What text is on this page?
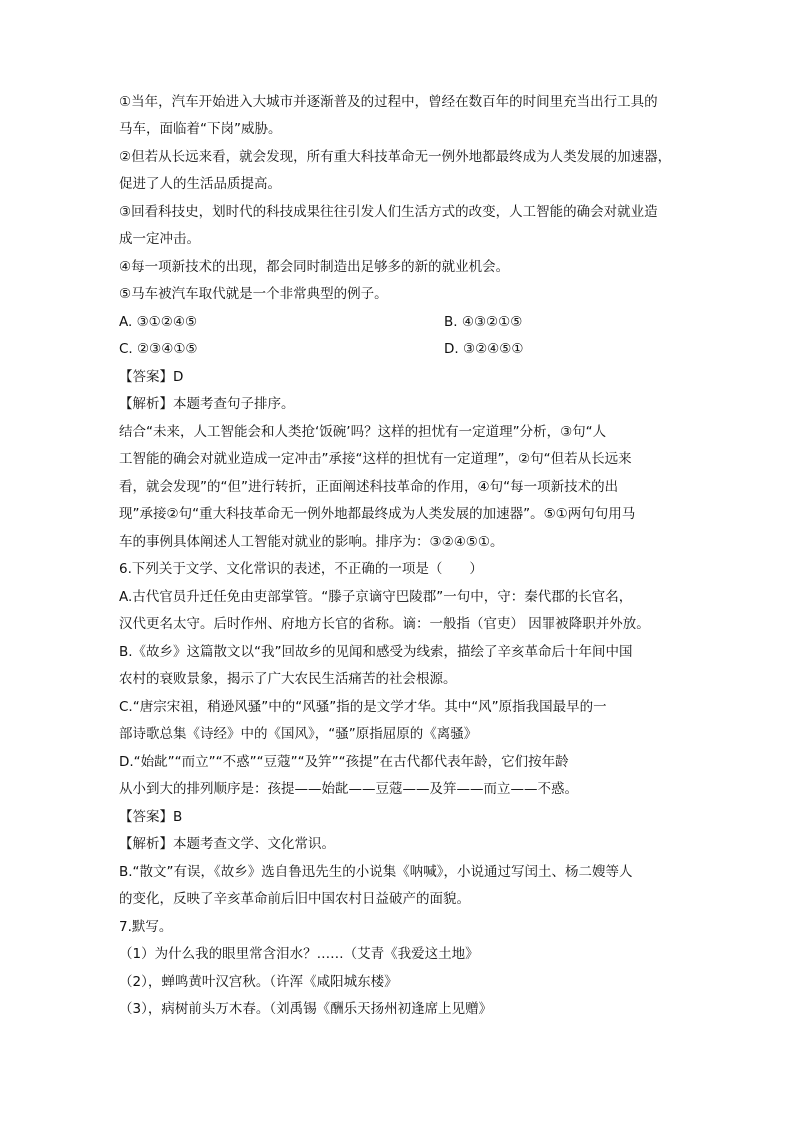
①当年，汽车开始进入大城市并逐渐普及的过程中，曾经在数百年的时间里充当出行工具的
马车，面临着“下岗”威胁。
②但若从长远来看，就会发现，所有重大科技革命无一例外地都最终成为人类发展的加速器，
促进了人的生活品质提高。
③回看科技史，划时代的科技成果往往引发人们生活方式的改变，人工智能的确会对就业造
成一定冲击。
④每一项新技术的出现，都会同时制造出足够多的新的就业机会。
⑤马车被汽车取代就是一个非常典型的例子。
A. ③①②④⑤	B. ④③②①⑤
C. ②③④①⑤	D. ③②④⑤①
【答案】D
【解析】本题考查句子排序。
结合“未来，人工智能会和人类抢‘饭碗’吗？这样的担忧有一定道理”分析，③句“人
工智能的确会对就业造成一定冲击”承接“这样的担忧有一定道理”，②句“但若从长远来
看，就会发现”的“但”进行转折，正面阐述科技革命的作用，④句“每一项新技术的出
现”承接②句“重大科技革命无一例外地都最终成为人类发展的加速器”。⑤①两句句用马
车的事例具体阐述人工智能对就业的影响。排序为：③②④⑤①。
6.下列关于文学、文化常识的表述，不正确的一项是（　　）
A.古代官员升迁任免由吏部掌管。“滕子京谪守巴陵郡”一句中，守：秦代郡的长官名，
汉代更名太守。后时作州、府地方长官的省称。谪：一般指（官吏） 因罪被降职并外放。
B.《故乡》这篇散文以“我”回故乡的见闻和感受为线索，描绘了辛亥革命后十年间中国
农村的衰败景象，揭示了广大农民生活痛苦的社会根源。
C.“唐宗宋祖，稍逊风骚”中的“风骚”指的是文学才华。其中“风”原指我国最早的一
部诗歌总集《诗经》中的《国风》，“骚”原指屈原的《离骚》
D.“始龀”“而立”“不惑”“豆蔻”“及笄”“孩提”在古代都代表年龄，它们按年龄
从小到大的排列顺序是：孩提——始龀——豆蔻——及笄——而立——不惑。
【答案】B
【解析】本题考查文学、文化常识。
B.“散文”有误，《故乡》选自鲁迅先生的小说集《呐喊》，小说通过写闰土、杨二嫂等人
的变化，反映了辛亥革命前后旧中国农村日益破产的面貌。
7.默写。
（1）为什么我的眼里常含泪水？……（艾青《我爱这土地》
（2），蝉鸣黄叶汉宫秋。（许浑《咸阳城东楼》
（3），病树前头万木春。（刘禹锡《酬乐天扬州初逢席上见赠》
